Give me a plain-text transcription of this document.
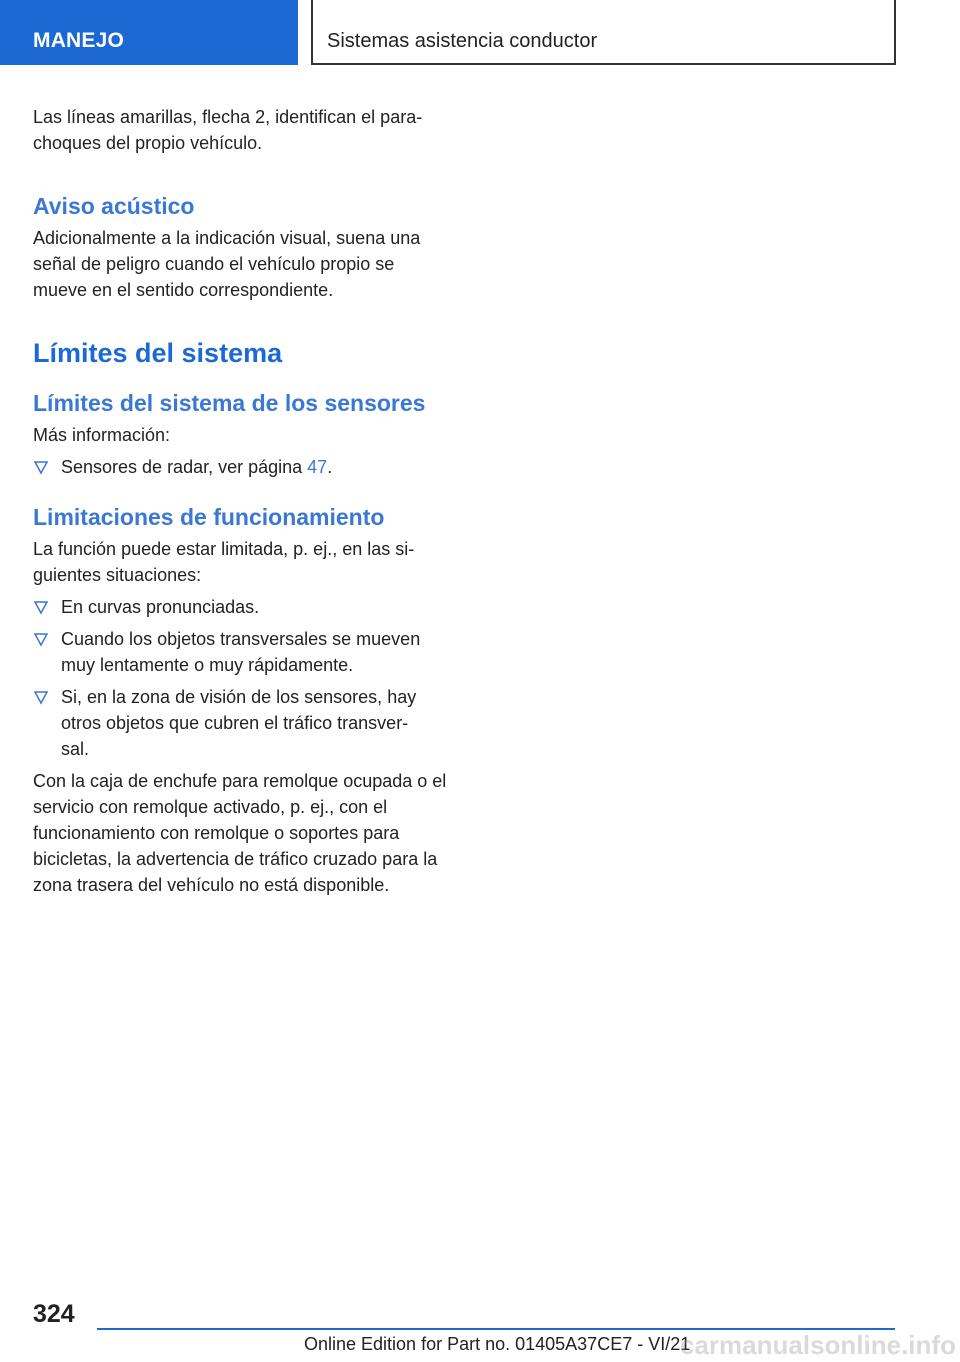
MANEJO	Sistemas asistencia conductor

Las líneas amarillas, flecha 2, identifican el para‐ choques del propio vehículo.

Aviso acústico

Adicionalmente a la indicación visual, suena una señal de peligro cuando el vehículo propio se mueve en el sentido correspondiente.

Límites del sistema
Límites del sistema de los sensores

Más información:

Sensores de radar, ver página 47.
Limitaciones de funcionamiento

La función puede estar limitada, p. ej., en las si‐ guientes situaciones:

En curvas pronunciadas.
Cuando los objetos transversales se mueven muy lentamente o muy rápidamente.
Si, en la zona de visión de los sensores, hay otros objetos que cubren el tráfico transver‐ sal.

Con la caja de enchufe para remolque ocupada o el servicio con remolque activado, p. ej., con el funcionamiento con remolque o soportes para bicicletas, la advertencia de tráfico cruzado para la zona trasera del vehículo no está disponible.

324
Online Edition for Part no. 01405A37CE7 - VI/21
carmanualsonline.info
